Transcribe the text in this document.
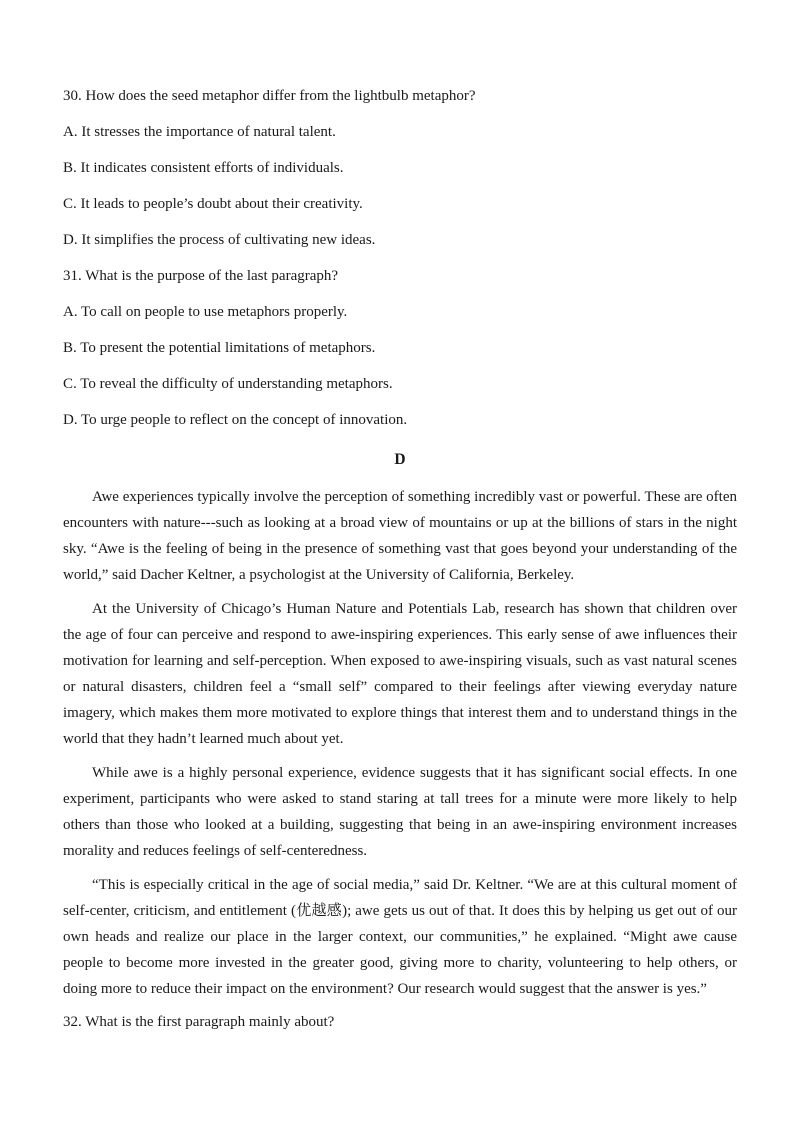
30. How does the seed metaphor differ from the lightbulb metaphor?

A. It stresses the importance of natural talent.

B. It indicates consistent efforts of individuals.

C. It leads to people’s doubt about their creativity.

D. It simplifies the process of cultivating new ideas.

31. What is the purpose of the last paragraph?

A. To call on people to use metaphors properly.

B. To present the potential limitations of metaphors.

C. To reveal the difficulty of understanding metaphors.

D. To urge people to reflect on the concept of innovation.

D

Awe experiences typically involve the perception of something incredibly vast or powerful. These are often encounters with nature---such as looking at a broad view of mountains or up at the billions of stars in the night sky. “Awe is the feeling of being in the presence of something vast that goes beyond your understanding of the world,” said Dacher Keltner, a psychologist at the University of California, Berkeley.

At the University of Chicago’s Human Nature and Potentials Lab, research has shown that children over the age of four can perceive and respond to awe-inspiring experiences. This early sense of awe influences their motivation for learning and self-perception. When exposed to awe-inspiring visuals, such as vast natural scenes or natural disasters, children feel a “small self” compared to their feelings after viewing everyday nature imagery, which makes them more motivated to explore things that interest them and to understand things in the world that they hadn’t learned much about yet.

While awe is a highly personal experience, evidence suggests that it has significant social effects. In one experiment, participants who were asked to stand staring at tall trees for a minute were more likely to help others than those who looked at a building, suggesting that being in an awe-inspiring environment increases morality and reduces feelings of self-centeredness.

“This is especially critical in the age of social media,” said Dr. Keltner. “We are at this cultural moment of self-center, criticism, and entitlement (优越感); awe gets us out of that. It does this by helping us get out of our own heads and realize our place in the larger context, our communities,” he explained. “Might awe cause people to become more invested in the greater good, giving more to charity, volunteering to help others, or doing more to reduce their impact on the environment? Our research would suggest that the answer is yes.”

32. What is the first paragraph mainly about?
